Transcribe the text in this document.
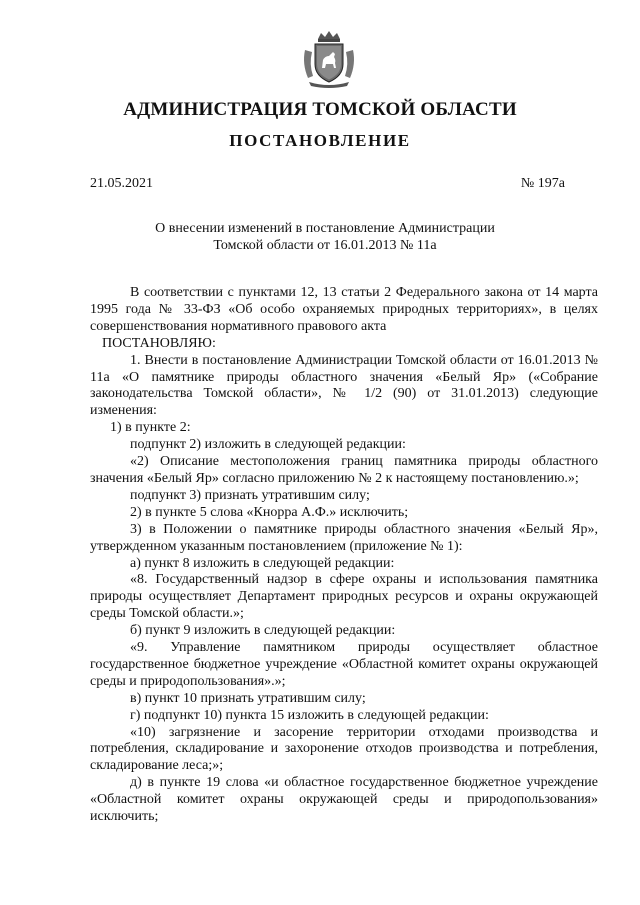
АДМИНИСТРАЦИЯ ТОМСКОЙ ОБЛАСТИ
ПОСТАНОВЛЕНИЕ
21.05.2021	№ 197а
О внесении изменений в постановление Администрации
Томской области от 16.01.2013 № 11а

В соответствии с пунктами 12, 13 статьи 2 Федерального закона от 14 марта 1995 года № 33-ФЗ «Об особо охраняемых природных территориях», в целях совершенствования нормативного правового акта

ПОСТАНОВЛЯЮ:

1. Внести в постановление Администрации Томской области от 16.01.2013 № 11а «О памятнике природы областного значения «Белый Яр» («Собрание законодательства Томской области», № 1/2 (90) от 31.01.2013) следующие изменения:

1) в пункте 2:

подпункт 2) изложить в следующей редакции:

«2) Описание местоположения границ памятника природы областного значения «Белый Яр» согласно приложению № 2 к настоящему постановлению.»;

подпункт 3) признать утратившим силу;

2) в пункте 5 слова «Кнорра А.Ф.» исключить;

3) в Положении о памятнике природы областного значения «Белый Яр», утвержденном указанным постановлением (приложение № 1):

а) пункт 8 изложить в следующей редакции:

«8. Государственный надзор в сфере охраны и использования памятника природы осуществляет Департамент природных ресурсов и охраны окружающей среды Томской области.»;

б) пункт 9 изложить в следующей редакции:

«9. Управление памятником природы осуществляет областное государственное бюджетное учреждение «Областной комитет охраны окружающей среды и природопользования».»;

в) пункт 10 признать утратившим силу;

г) подпункт 10) пункта 15 изложить в следующей редакции:

«10) загрязнение и засорение территории отходами производства и потребления, складирование и захоронение отходов производства и потребления, складирование леса;»;

д) в пункте 19 слова «и областное государственное бюджетное учреждение «Областной комитет охраны окружающей среды и природопользования» исключить;
